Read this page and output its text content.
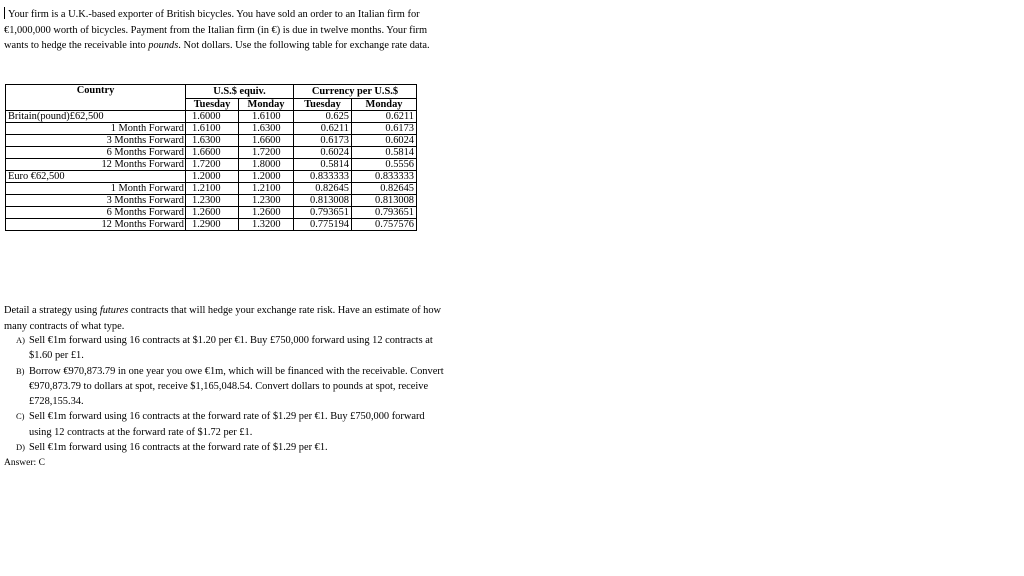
Your firm is a U.K.-based exporter of British bicycles. You have sold an order to an Italian firm for €1,000,000 worth of bicycles. Payment from the Italian firm (in €) is due in twelve months. Your firm wants to hedge the receivable into pounds. Not dollars. Use the following table for exchange rate data.

Country	U.S.$ equiv.		Currency per U.S.$	
	Tuesday	Monday	Tuesday	Monday
Britain(pound)£62,500	1.6000	1.6100	0.625	0.6211
1 Month Forward	1.6100	1.6300	0.6211	0.6173
3 Months Forward	1.6300	1.6600	0.6173	0.6024
6 Months Forward	1.6600	1.7200	0.6024	0.5814
12 Months Forward	1.7200	1.8000	0.5814	0.5556
Euro €62,500	1.2000	1.2000	0.833333	0.833333
1 Month Forward	1.2100	1.2100	0.82645	0.82645
3 Months Forward	1.2300	1.2300	0.813008	0.813008
6 Months Forward	1.2600	1.2600	0.793651	0.793651
12 Months Forward	1.2900	1.3200	0.775194	0.757576

Detail a strategy using futures contracts that will hedge your exchange rate risk. Have an estimate of how many contracts of what type.

A) Sell €1m forward using 16 contracts at $1.20 per €1. Buy £750,000 forward using 12 contracts at $1.60 per £1.

B) Borrow €970,873.79 in one year you owe €1m, which will be financed with the receivable. Convert €970,873.79 to dollars at spot, receive $1,165,048.54. Convert dollars to pounds at spot, receive £728,155.34.

C) Sell €1m forward using 16 contracts at the forward rate of $1.29 per €1. Buy £750,000 forward using 12 contracts at the forward rate of $1.72 per £1.

D) Sell €1m forward using 16 contracts at the forward rate of $1.29 per €1.

Answer: C
